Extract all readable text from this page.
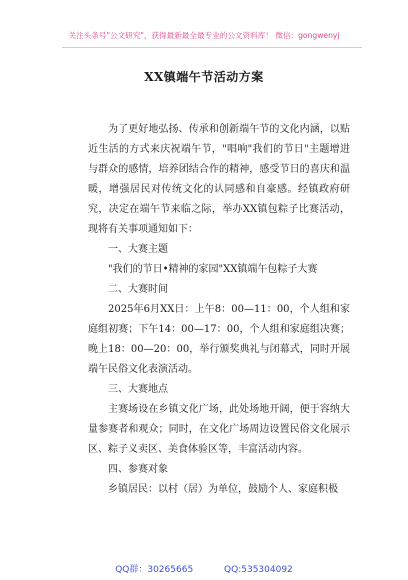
关注头条号"公文研究"，获得最新最全最专业的公文资料库！ 微信：gongwenyj
XX镇端午节活动方案

为了更好地弘扬、传承和创新端午节的文化内涵，以贴近生活的方式来庆祝端午节，"唱响"我们的节日"主题增进与群众的感情，培养团结合作的精神，感受节日的喜庆和温暖，增强居民对传统文化的认同感和自豪感。经镇政府研究，决定在端午节来临之际，举办XX镇包粽子比赛活动，现将有关事项通知如下：

一、大赛主题

"我们的节日•精神的家园"XX镇端午包粽子大赛

二、大赛时间

2025年6月XX日：上午8：00—11：00，个人组和家庭组初赛；下午14：00—17：00，个人组和家庭组决赛；晚上18：00—20：00，举行颁奖典礼与闭幕式，同时开展端午民俗文化表演活动。

三、大赛地点

主赛场设在乡镇文化广场，此处场地开阔，便于容纳大量参赛者和观众；同时，在文化广场周边设置民俗文化展示区、粽子义卖区、美食体验区等，丰富活动内容。

四、参赛对象

乡镇居民：以村（居）为单位，鼓励个人、家庭积极

QQ群：30265665	QQ:535304092
